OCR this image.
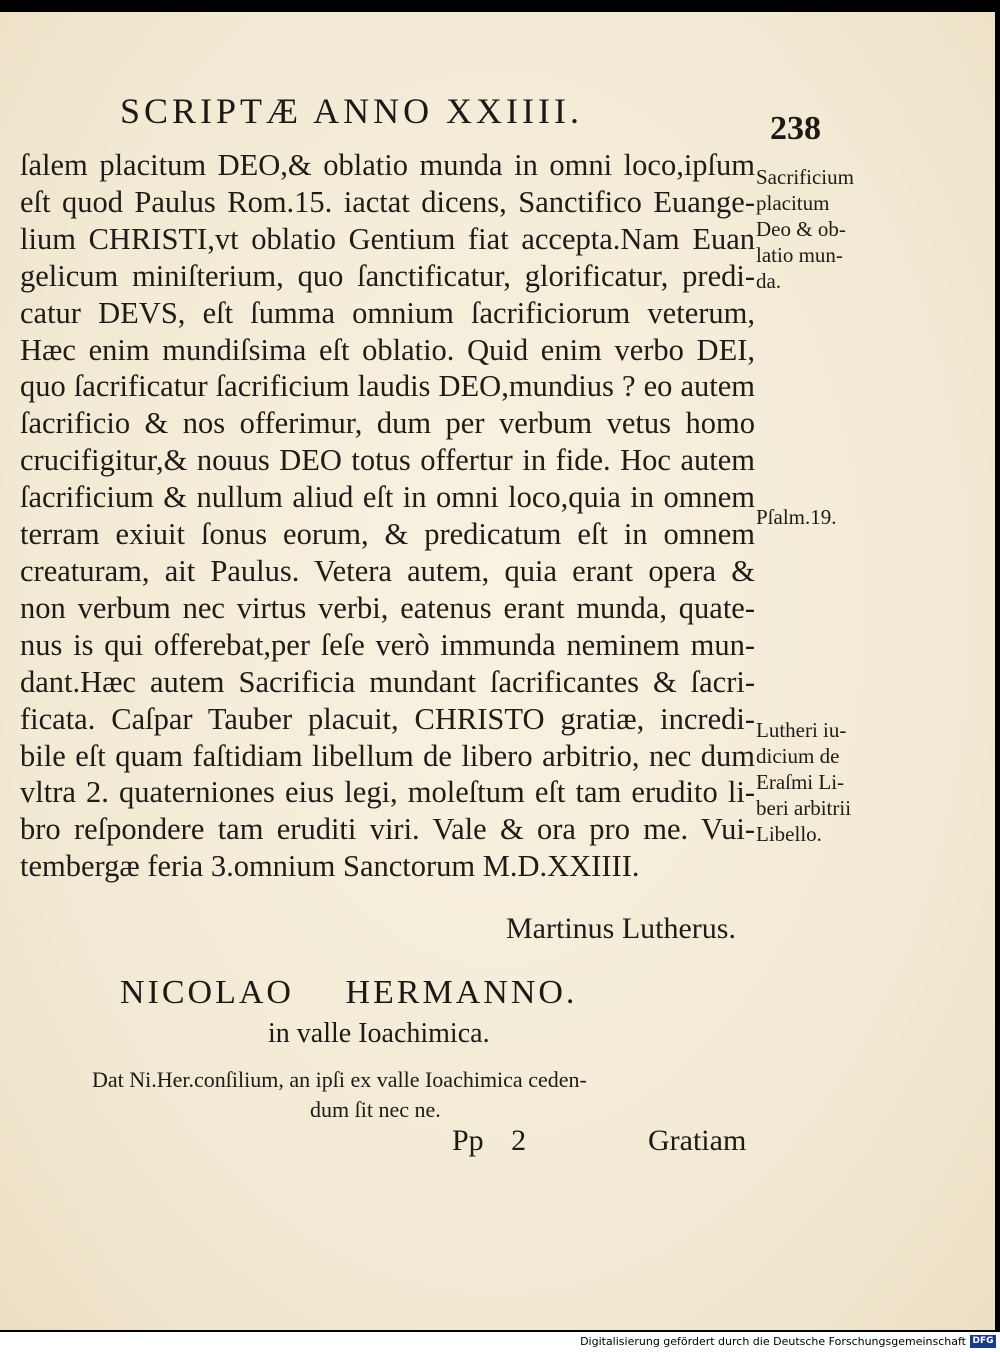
SCRIPTÆ ANNO XXIIII.	238
ſalem placitum DEO,& oblatio munda in omni loco,ipſum
eſt quod Paulus Rom.15. iactat dicens, Sanctifico Euange-
lium CHRISTI,vt oblatio Gentium fiat accepta.Nam Euan
gelicum miniſterium, quo ſanctificatur, glorificatur, predi-
catur DEVS, eſt ſumma omnium ſacrificiorum veterum,
Hæc enim mundiſsima eſt oblatio. Quid enim verbo DEI,
quo ſacrificatur ſacrificium laudis DEO,mundius ? eo autem
ſacrificio & nos offerimur, dum per verbum vetus homo
crucifigitur,& nouus DEO totus offertur in fide. Hoc autem
ſacrificium & nullum aliud eſt in omni loco,quia in omnem
terram exiuit ſonus eorum, & predicatum eſt in omnem
creaturam, ait Paulus. Vetera autem, quia erant opera &
non verbum nec virtus verbi, eatenus erant munda, quate-
nus is qui offerebat,per ſeſe verò immunda neminem mun-
dant.Hæc autem Sacrificia mundant ſacrificantes & ſacri-
ficata. Caſpar Tauber placuit, CHRISTO gratiæ, incredi-
bile eſt quam faſtidiam libellum de libero arbitrio, nec dum
vltra 2. quaterniones eius legi, moleſtum eſt tam erudito li-
bro reſpondere tam eruditi viri. Vale & ora pro me. Vui-
tembergæ feria 3.omnium Sanctorum M.D.XXIIII.
Martinus Lutherus.
Sacrificium
placitum
Deo & ob-
latio mun-
da.
Pſalm.19.
Lutheri iu-
dicium de
Eraſmi Li-
beri arbitrii
Libello.
NICOLAO HERMANNO.
in valle Ioachimica.
Dat Ni.Her.conſilium, an ipſi ex valle Ioachimica ceden-
dum ſit nec ne.
Pp 2	Gratiam
Digitalisierung gefördert durch die Deutsche Forschungsgemeinschaft DFG
